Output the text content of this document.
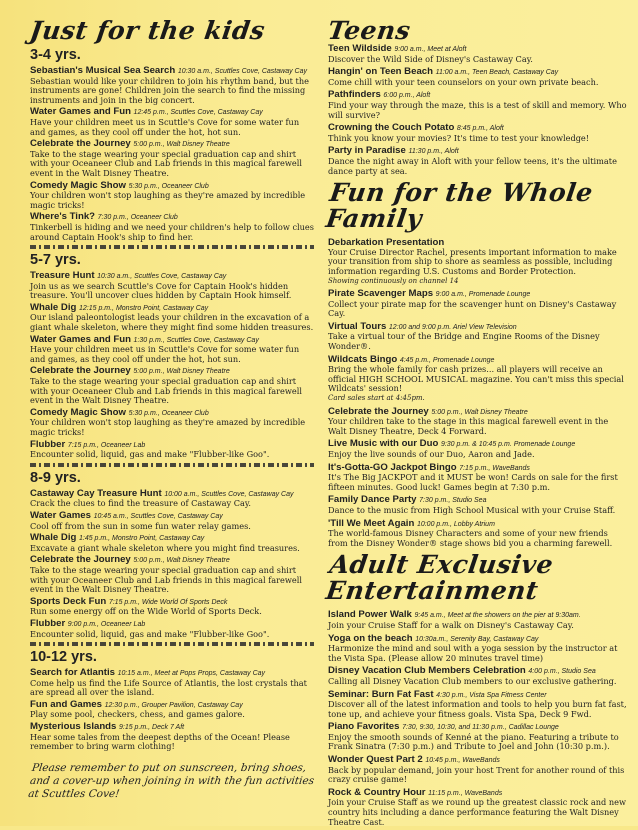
Just for the kids
3-4 yrs.

Sebastian's Musical Sea Search 10:30 a.m., Scuttles Cove, Castaway Cay
Sebastian would like your children to join his rhythm band, but the instruments are gone! Children join the search to find the missing instruments and join in the big concert.

Water Games and Fun 12:45 p.m., Scuttles Cove, Castaway Cay
Have your children meet us in Scuttle's Cove for some water fun and games, as they cool off under the hot, hot sun.

Celebrate the Journey 5:00 p.m., Walt Disney Theatre
Take to the stage wearing your special graduation cap and shirt with your Oceaneer Club and Lab friends in this magical farewell event in the Walt Disney Theatre.

Comedy Magic Show 5:30 p.m., Oceaneer Club
Your children won't stop laughing as they're amazed by incredible magic tricks!

Where's Tink? 7:30 p.m., Oceaneer Club
Tinkerbell is hiding and we need your children's help to follow clues around Captain Hook's ship to find her.

5-7 yrs.

Treasure Hunt 10:30 a.m., Scuttles Cove, Castaway Cay
Join us as we search Scuttle's Cove for Captain Hook's hidden treasure. You'll uncover clues hidden by Captain Hook himself.

Whale Dig 12:15 p.m., Monstro Point, Castaway Cay
Our island paleontologist leads your children in the excavation of a giant whale skeleton, where they might find some hidden treasures.

Water Games and Fun 1:30 p.m., Scuttles Cove, Castaway Cay
Have your children meet us in Scuttle's Cove for some water fun and games, as they cool off under the hot, hot sun.

Celebrate the Journey 5:00 p.m., Walt Disney Theatre
Take to the stage wearing your special graduation cap and shirt with your Oceaneer Club and Lab friends in this magical farewell event in the Walt Disney Theatre.

Comedy Magic Show 5:30 p.m., Oceaneer Club
Your children won't stop laughing as they're amazed by incredible magic tricks!

Flubber 7:15 p.m., Oceaneer Lab
Encounter solid, liquid, gas and make "Flubber-like Goo".

8-9 yrs.

Castaway Cay Treasure Hunt 10:00 a.m., Scuttles Cove, Castaway Cay
Crack the clues to find the treasure of Castaway Cay.

Water Games 10:45 a.m., Scuttles Cove, Castaway Cay
Cool off from the sun in some fun water relay games.

Whale Dig 1:45 p.m., Monstro Point, Castaway Cay
Excavate a giant whale skeleton where you might find treasures.

Celebrate the Journey 5:00 p.m., Walt Disney Theatre
Take to the stage wearing your special graduation cap and shirt with your Oceaneer Club and Lab friends in this magical farewell event in the Walt Disney Theatre.

Sports Deck Fun 7:15 p.m., Wide World Of Sports Deck
Run some energy off on the Wide World of Sports Deck.

Flubber 9:00 p.m., Oceaneer Lab
Encounter solid, liquid, gas and make "Flubber-like Goo".

10-12 yrs.

Search for Atlantis 10:15 a.m., Meet at Pops Props, Castaway Cay
Come help us find the Life Source of Atlantis, the lost crystals that are spread all over the island.

Fun and Games 12:30 p.m., Grouper Pavilion, Castaway Cay
Play some pool, checkers, chess, and games galore.

Mysterious Islands 9:15 p.m., Deck 7 Aft
Hear some tales from the deepest depths of the Ocean! Please remember to bring warm clothing!

Please remember to put on sunscreen, bring shoes, and a cover-up when joining in with the fun activities at Scuttles Cove!

Teens

Teen Wildside 9:00 a.m., Meet at Aloft
Discover the Wild Side of Disney's Castaway Cay.

Hangin' on Teen Beach 11:00 a.m., Teen Beach, Castaway Cay
Come chill with your teen counselors on your own private beach.

Pathfinders 6:00 p.m., Aloft
Find your way through the maze, this is a test of skill and memory. Who will survive?

Crowning the Couch Potato 8:45 p.m., Aloft
Think you know your movies? It's time to test your knowledge!

Party in Paradise 11:30 p.m., Aloft
Dance the night away in Aloft with your fellow teens, it's the ultimate dance party at sea.

Fun for the Whole Family

Debarkation Presentation
Your Cruise Director Rachel, presents important information to make your transition from ship to shore as seamless as possible, including information regarding U.S. Customs and Border Protection.
Showing continuously on channel 14

Pirate Scavenger Maps 9:00 a.m., Promenade Lounge
Collect your pirate map for the scavenger hunt on Disney's Castaway Cay.

Virtual Tours 12:00 and 9:00 p.m. Ariel View Television
Take a virtual tour of the Bridge and Engine Rooms of the Disney Wonder®.

Wildcats Bingo 4:45 p.m., Promenade Lounge
Bring the whole family for cash prizes... all players will receive an official HIGH SCHOOL MUSICAL magazine. You can't miss this special Wildcats' session!
Card sales start at 4:45pm.

Celebrate the Journey 5:00 p.m., Walt Disney Theatre
Your children take to the stage in this magical farewell event in the Walt Disney Theatre, Deck 4 Forward.

Live Music with our Duo 9:30 p.m. & 10:45 p.m. Promenade Lounge
Enjoy the live sounds of our Duo, Aaron and Jade.

It's-Gotta-GO Jackpot Bingo 7:15 p.m., WaveBands
It's The Big JACKPOT and it MUST be won! Cards on sale for the first fifteen minutes. Good luck! Games begin at 7:30 p.m.

Family Dance Party 7:30 p.m., Studio Sea
Dance to the music from High School Musical with your Cruise Staff.

'Till We Meet Again 10:00 p.m., Lobby Atrium
The world-famous Disney Characters and some of your new friends from the Disney Wonder® stage shows bid you a charming farewell.

Adult Exclusive Entertainment

Island Power Walk 9:45 a.m., Meet at the showers on the pier at 9:30am.
Join your Cruise Staff for a walk on Disney's Castaway Cay.

Yoga on the beach 10:30a.m., Serenity Bay, Castaway Cay
Harmonize the mind and soul with a yoga session by the instructor at the Vista Spa. (Please allow 20 minutes travel time)

Disney Vacation Club Members Celebration 4:00 p.m., Studio Sea
Calling all Disney Vacation Club members to our exclusive gathering.

Seminar: Burn Fat Fast 4:30 p.m., Vista Spa Fitness Center
Discover all of the latest information and tools to help you burn fat fast, tone up, and achieve your fitness goals. Vista Spa, Deck 9 Fwd.

Piano Favorites 7:30, 9:30, 10:30, and 11:30 p.m., Cadillac Lounge
Enjoy the smooth sounds of Kenné at the piano. Featuring a tribute to Frank Sinatra (7:30 p.m.) and Tribute to Joel and John (10:30 p.m.).

Wonder Quest Part 2 10:45 p.m., WaveBands
Back by popular demand, join your host Trent for another round of this crazy cruise game!

Rock & Country Hour 11:15 p.m., WaveBands
Join your Cruise Staff as we round up the greatest classic rock and new country hits including a dance performance featuring the Walt Disney Theatre Cast.
